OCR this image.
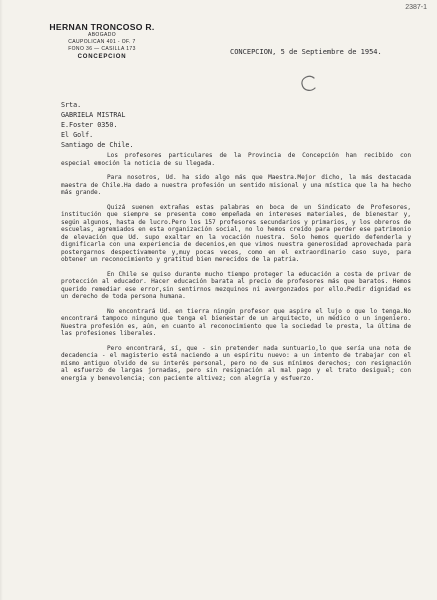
2387-1
HERNAN TRONCOSO R.
ABOGADO
CAUPOLICAN 401 - OF. 7
FONO 36 — CASILLA 173
CONCEPCION
CONCEPCION, 5 de Septiembre de 1954.
Srta.
GABRIELA MISTRAL
E.Foster 0350.
El Golf.
Santiago de Chile.

Los profesores particulares de la Provincia de Concepción han recibido con especial emoción la noticia de su llegada.

Para nosotros, Ud. ha sido algo más que Maestra.Mejor dicho, la más destacada maestra de Chile.Ha dado a nuestra profesión un sentido misional y una mística que la ha hecho más grande.

Quizá suenen extrañas estas palabras en boca de un Sindicato de Profesores, institución que siempre se presenta como empeñada en intereses materiales, de bienestar y, según algunos, hasta de lucro.Pero los 157 profesores secundarios y primarios, y los obreros de escuelas, agremiados en esta organización social, no lo hemos creído para perder ese patrimonio de elevación que Ud. supo exaltar en la vocación nuestra. Solo hemos querido defenderla y dignificarla con una experiencia de decenios,en que vimos nuestra generosidad aprovechada para postergarnos despectivamente y,muy pocas veces, como en el extraordinario caso suyo, para obtener un reconocimiento y gratitud bien merecidos de la patria.

En Chile se quiso durante mucho tiempo proteger la educación a costa de privar de protección al educador. Hacer educación barata al precio de profesores más que baratos. Hemos querido remediar ese error,sin sentirnos mezquinos ni avergonzados por ello.Pedir dignidad es un derecho de toda persona humana.

No encontrará Ud. en tierra ningún profesor que aspire el lujo o que lo tenga.No encontrará tampoco ninguno que tenga el bienestar de un arquitecto, un médico o un ingeniero. Nuestra profesión es, aún, en cuanto al reconocimiento que la sociedad le presta, la última de las profesiones liberales.

Pero encontrará, sí, que - sin pretender nada suntuario,lo que sería una nota de decadencia - el magisterio está naciendo a un espíritu nuevo: a un intento de trabajar con el mismo antiguo olvido de su interés personal, pero no de sus mínimos derechos; con resignación al esfuerzo de largas jornadas, pero sin resignación al mal pago y el trato desigual; con energía y benevolencia; con paciente altivez; con alegría y esfuerzo.
